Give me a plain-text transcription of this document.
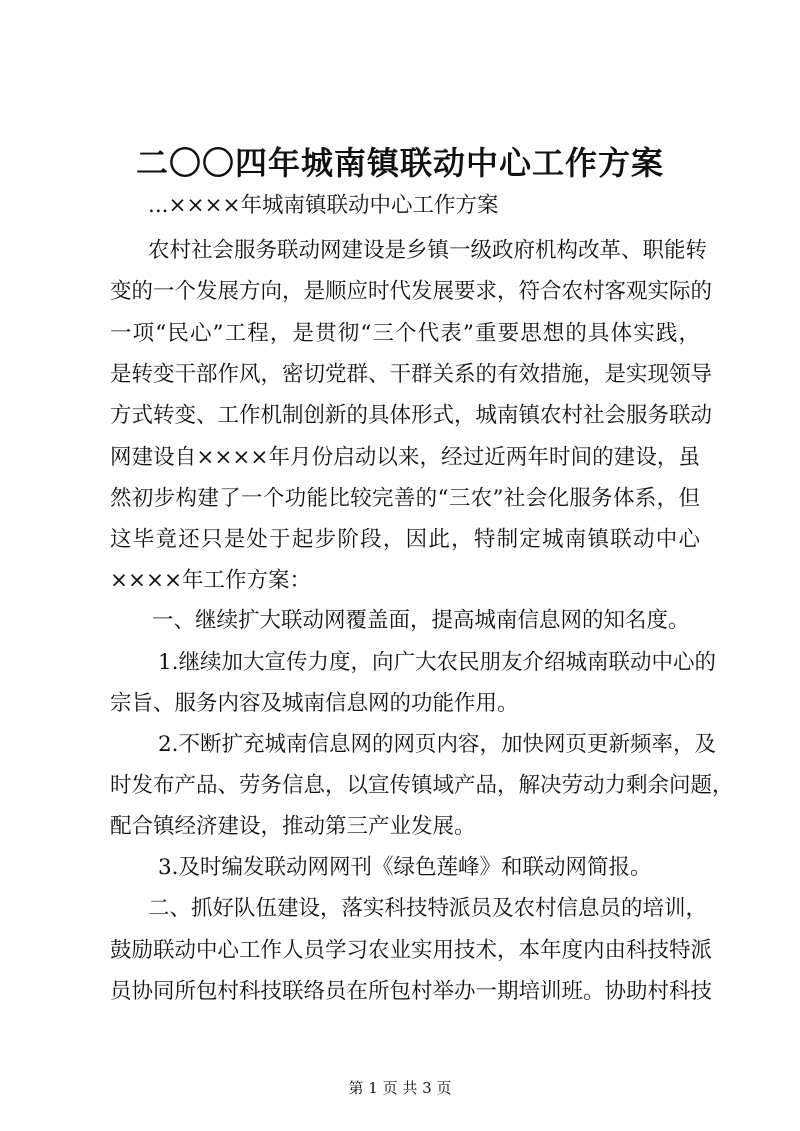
二〇〇四年城南镇联动中心工作方案
...××××年城南镇联动中心工作方案
农村社会服务联动网建设是乡镇一级政府机构改革、职能转
变的一个发展方向，是顺应时代发展要求，符合农村客观实际的
一项“民心”工程，是贯彻“三个代表”重要思想的具体实践，
是转变干部作风，密切党群、干群关系的有效措施，是实现领导
方式转变、工作机制创新的具体形式，城南镇农村社会服务联动
网建设自××××年月份启动以来，经过近两年时间的建设，虽
然初步构建了一个功能比较完善的“三农”社会化服务体系，但
这毕竟还只是处于起步阶段，因此，特制定城南镇联动中心
××××年工作方案：
一、继续扩大联动网覆盖面，提高城南信息网的知名度。
1.继续加大宣传力度，向广大农民朋友介绍城南联动中心的
宗旨、服务内容及城南信息网的功能作用。
2.不断扩充城南信息网的网页内容，加快网页更新频率，及
时发布产品、劳务信息，以宣传镇域产品，解决劳动力剩余问题，
配合镇经济建设，推动第三产业发展。
3.及时编发联动网网刊《绿色莲峰》和联动网简报。
二、抓好队伍建设，落实科技特派员及农村信息员的培训，
鼓励联动中心工作人员学习农业实用技术，本年度内由科技特派
员协同所包村科技联络员在所包村举办一期培训班。协助村科技
第 1 页 共 3 页
